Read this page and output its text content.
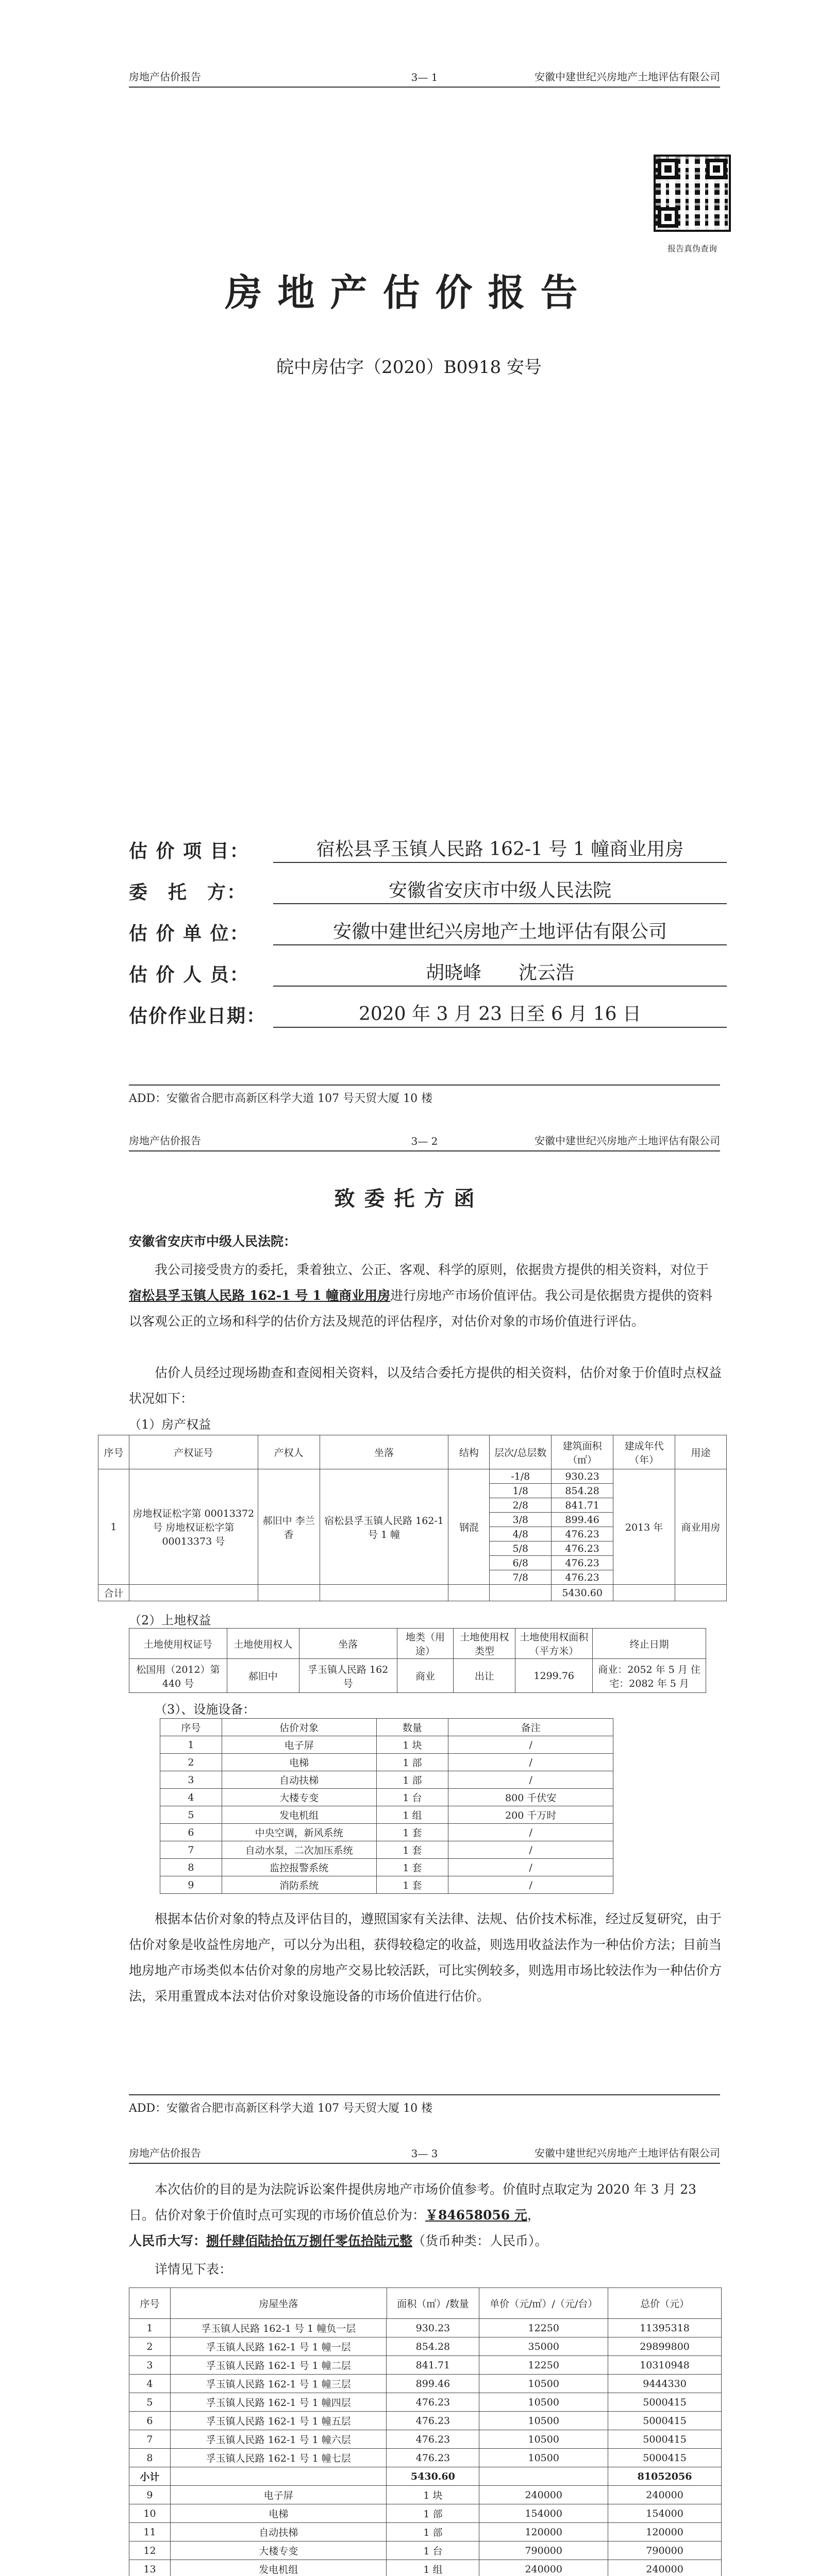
房地产估价报告	3— 1	安徽中建世纪兴房地产土地评估有限公司
报告真伪查询
房地产估价报告
皖中房估字（2020）B0918 安号
估 价 项 目：	宿松县孚玉镇人民路 162-1 号 1 幢商业用房
委　托　方：	安徽省安庆市中级人民法院
估 价 单 位：	安徽中建世纪兴房地产土地评估有限公司
估 价 人 员：	胡晓峰　　沈云浩
估价作业日期：	2020 年 3 月 23 日至 6 月 16 日
ADD：安徽省合肥市高新区科学大道 107 号天贸大厦 10 楼
房地产估价报告	3— 2	安徽中建世纪兴房地产土地评估有限公司
致委托方函
安徽省安庆市中级人民法院：
我公司接受贵方的委托，秉着独立、公正、客观、科学的原则，依据贵方提供的相关资料，对位于宿松县孚玉镇人民路 162-1 号 1 幢商业用房进行房地产市场价值评估。我公司是依据贵方提供的资料以客观公正的立场和科学的估价方法及规范的评估程序，对估价对象的市场价值进行评估。
估价人员经过现场勘查和查阅相关资料，以及结合委托方提供的相关资料，估价对象于价值时点权益状况如下：
（1）房产权益
序号	产权证号	产权人	坐落	结构	层次/总层数	建筑面积（㎡）	建成年代（年）	用途
1	房地权证松字第 00013372 号 房地权证松字第 00013373 号	郝旧中 李兰香	宿松县孚玉镇人民路 162-1 号 1 幢	钢混	-1/8	930.23	2013 年	商业用房
					1/8	854.28		
					2/8	841.71		
					3/8	899.46		
					4/8	476.23		
					5/8	476.23		
					6/8	476.23		
					7/8	476.23		
合计						5430.60		
（2）上地权益
土地使用权证号	土地使用权人	坐落	地类（用途）	土地使用权类型	土地使用权面积（平方米）	终止日期
松国用（2012）第 440 号	郝旧中	孚玉镇人民路 162 号	商业	出让	1299.76	商业：2052 年 5 月 住宅：2082 年 5 月
（3）、设施设备：
序号	估价对象	数量	备注
1	电子屏	1 块	/
2	电梯	1 部	/
3	自动扶梯	1 部	/
4	大楼专变	1 台	800 千伏安
5	发电机组	1 组	200 千万时
6	中央空调，新风系统	1 套	/
7	自动水泵，二次加压系统	1 套	/
8	监控报警系统	1 套	/
9	消防系统	1 套	/
根据本估价对象的特点及评估目的，遵照国家有关法律、法规、估价技术标准，经过反复研究，由于估价对象是收益性房地产，可以分为出租，获得较稳定的收益，则选用收益法作为一种估价方法；目前当地房地产市场类似本估价对象的房地产交易比较活跃，可比实例较多，则选用市场比较法作为一种估价方法，采用重置成本法对估价对象设施设备的市场价值进行估价。
ADD：安徽省合肥市高新区科学大道 107 号天贸大厦 10 楼
房地产估价报告	3— 3	安徽中建世纪兴房地产土地评估有限公司
本次估价的目的是为法院诉讼案件提供房地产市场价值参考。价值时点取定为 2020 年 3 月 23 日。估价对象于价值时点可实现的市场价值总价为：￥84658056 元，
人民币大写：捌仟肆佰陆拾伍万捌仟零伍拾陆元整（货币种类：人民币）。
详情见下表：
序号	房屋坐落	面积（㎡）/数量	单价（元/㎡）/（元/台）	总价（元）
1	孚玉镇人民路 162-1 号 1 幢负一层	930.23	12250	11395318
2	孚玉镇人民路 162-1 号 1 幢一层	854.28	35000	29899800
3	孚玉镇人民路 162-1 号 1 幢二层	841.71	12250	10310948
4	孚玉镇人民路 162-1 号 1 幢三层	899.46	10500	9444330
5	孚玉镇人民路 162-1 号 1 幢四层	476.23	10500	5000415
6	孚玉镇人民路 162-1 号 1 幢五层	476.23	10500	5000415
7	孚玉镇人民路 162-1 号 1 幢六层	476.23	10500	5000415
8	孚玉镇人民路 162-1 号 1 幢七层	476.23	10500	5000415
小计		5430.60		81052056
9	电子屏	1 块	240000	240000
10	电梯	1 部	154000	154000
11	自动扶梯	1 部	120000	120000
12	大楼专变	1 台	790000	790000
13	发电机组	1 组	240000	240000
